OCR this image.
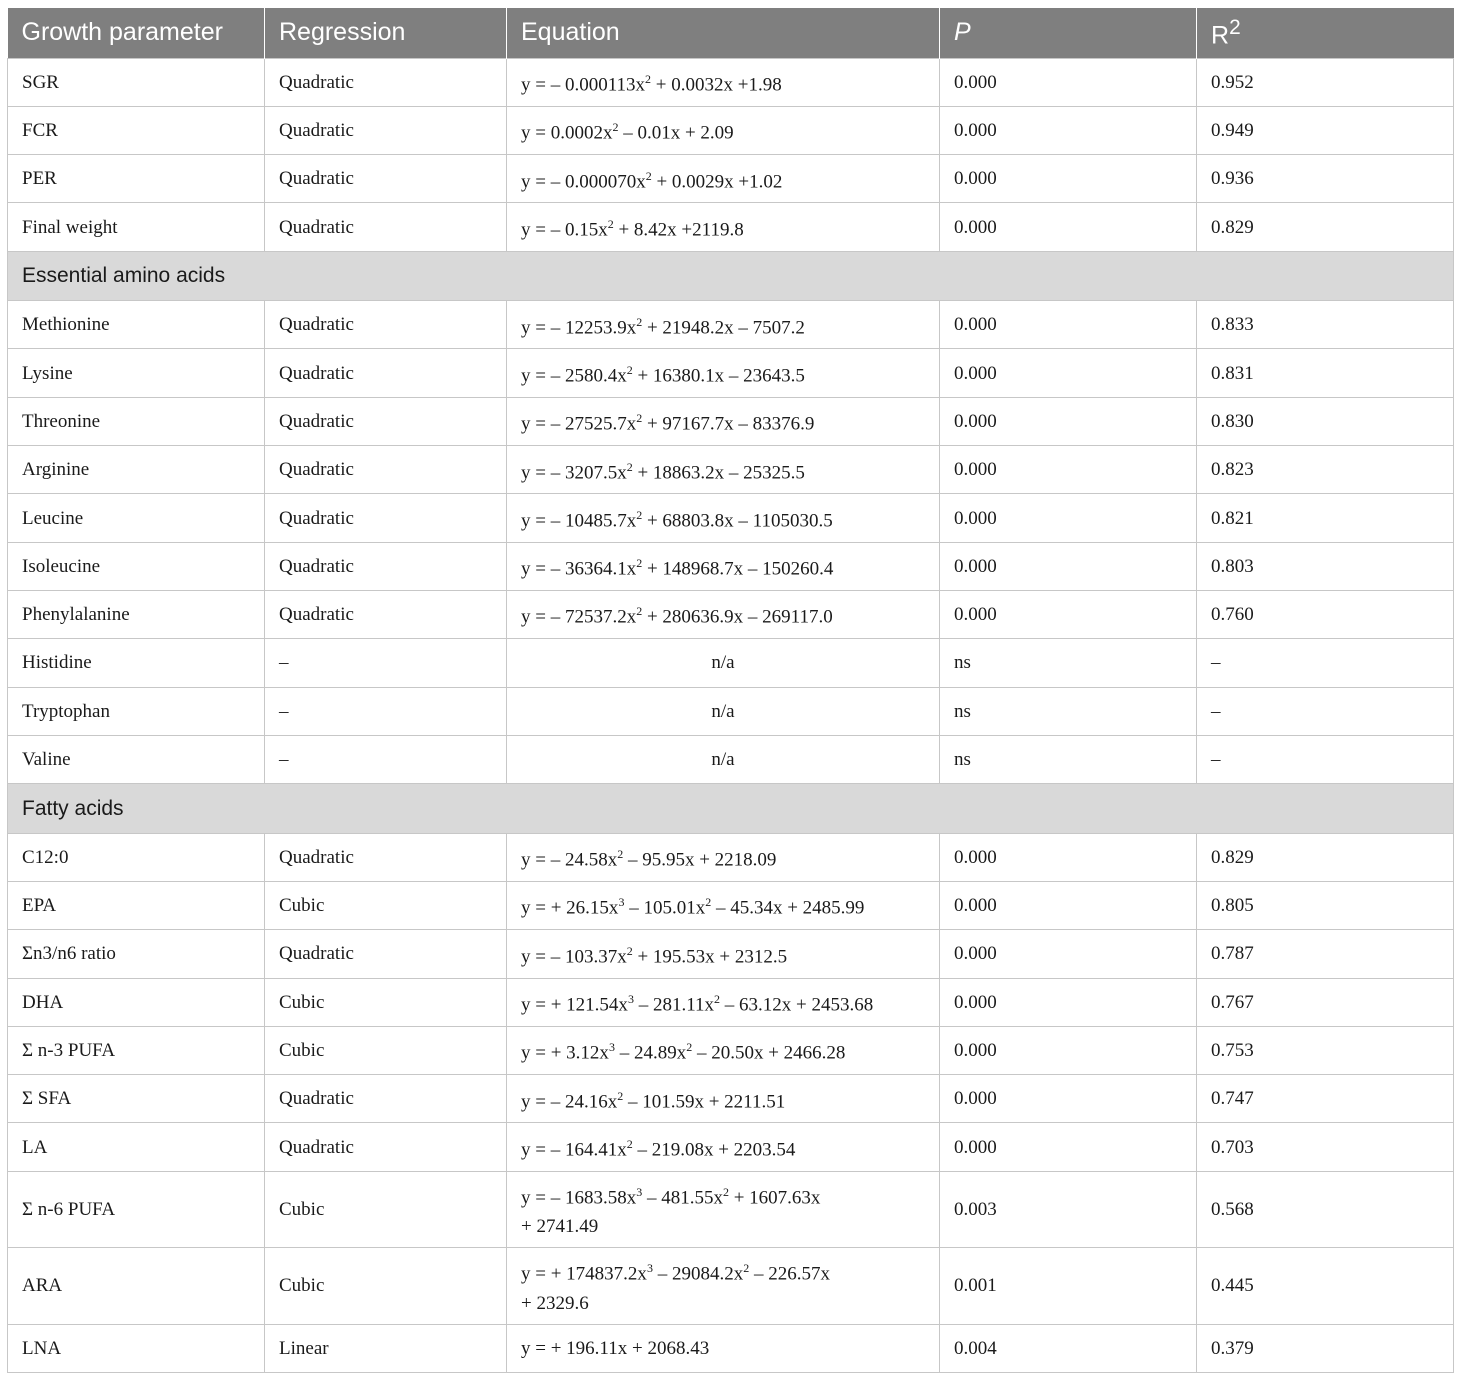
Growth parameter	Regression	Equation	P	$R^2$
SGR	Quadratic	y = – $0.000113x^2 + 0.0032x +1.98$	0.000	0.952
FCR	Quadratic	$y = 0.0002x^2 - 0.01x + 2.09$	0.000	0.949
PER	Quadratic	y = – $0.000070x^2 + 0.0029x +1.02$	0.000	0.936
Final weight	Quadratic	y = – $0.15x^2 + 8.42x +2119.8$	0.000	0.829
Essential amino acids				
Methionine	Quadratic	y = – $12253.9x^2 + 21948.2x - 7507.2$	0.000	0.833
Lysine	Quadratic	y = – $2580.4x^2 + 16380.1x - 23643.5$	0.000	0.831
Threonine	Quadratic	y = – $27525.7x^2 + 97167.7x - 83376.9$	0.000	0.830
Arginine	Quadratic	y = – $3207.5x^2 + 18863.2x - 25325.5$	0.000	0.823
Leucine	Quadratic	y = – $10485.7x^2 + 68803.8x - 1105030.5$	0.000	0.821
Isoleucine	Quadratic	y = – $36364.1x^2 + 148968.7x - 150260.4$	0.000	0.803
Phenylalanine	Quadratic	y = – $72537.2x^2 + 280636.9x - 269117.0$	0.000	0.760
Histidine	–	n/a	ns	–
Tryptophan	–	n/a	ns	–
Valine	–	n/a	ns	–
Fatty acids				
C12:0	Quadratic	y = – $24.58x^2 - 95.95x + 2218.09$	0.000	0.829
EPA	Cubic	y = + $26.15x^3 - 105.01x^2 - 45.34x + 2485.99$	0.000	0.805
Σn3/n6 ratio	Quadratic	y = – $103.37x^2 + 195.53x + 2312.5$	0.000	0.787
DHA	Cubic	y = + $121.54x^3 - 281.11x^2 - 63.12x + 2453.68$	0.000	0.767
Σ n-3 PUFA	Cubic	y = + $3.12x^3 - 24.89x^2 - 20.50x + 2466.28$	0.000	0.753
Σ SFA	Quadratic	y = – $24.16x^2 - 101.59x + 2211.51$	0.000	0.747
LA	Quadratic	y = – $164.41x^2 - 219.08x + 2203.54$	0.000	0.703
Σ n-6 PUFA	Cubic	y = – $1683.58x^3 - 481.55x^2 + 1607.63x$
+ 2741.49	0.003	0.568
ARA	Cubic	y = + $174837.2x^3 - 29084.2x^2 - 226.57x$
+ 2329.6	0.001	0.445
LNA	Linear	y = + 196.11x + 2068.43	0.004	0.379
